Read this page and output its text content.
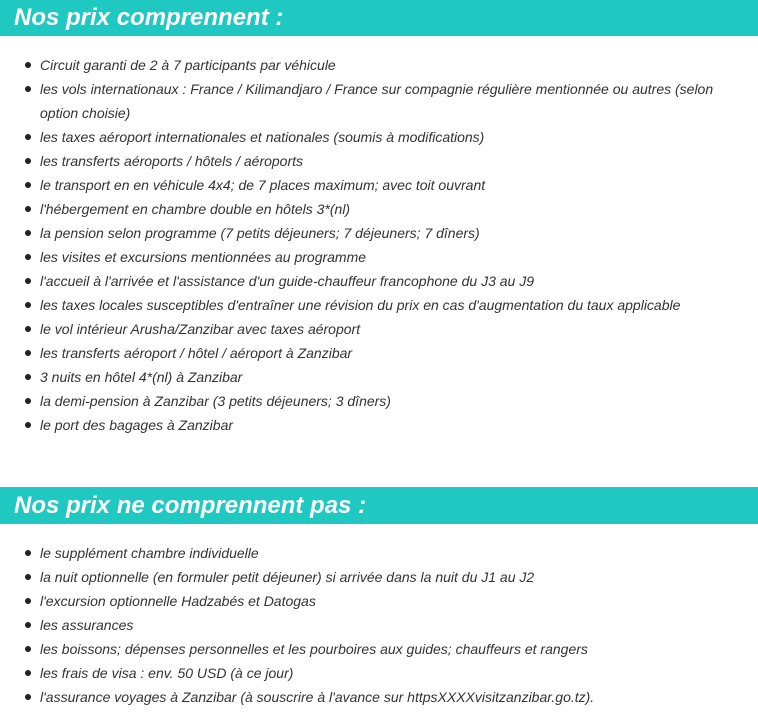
Nos prix comprennent :
Circuit garanti de 2 à 7 participants par véhicule
les vols internationaux : France / Kilimandjaro / France sur compagnie régulière mentionnée ou autres (selon option choisie)
les taxes aéroport internationales et nationales (soumis à modifications)
les transferts aéroports / hôtels / aéroports
le transport en en véhicule 4x4; de 7 places maximum; avec toit ouvrant
l'hébergement en chambre double en hôtels 3*(nl)
la pension selon programme (7 petits déjeuners; 7 déjeuners; 7 dîners)
les visites et excursions mentionnées au programme
l'accueil à l'arrivée et l'assistance d'un guide-chauffeur francophone du J3 au J9
les taxes locales susceptibles d'entraîner une révision du prix en cas d'augmentation du taux applicable
le vol intérieur Arusha/Zanzibar avec taxes aéroport
les transferts aéroport / hôtel / aéroport à Zanzibar
3 nuits en hôtel 4*(nl) à Zanzibar
la demi-pension à Zanzibar (3 petits déjeuners; 3 dîners)
le port des bagages à Zanzibar
Nos prix ne comprennent pas :
le supplément chambre individuelle
la nuit optionnelle (en formuler petit déjeuner) si arrivée dans la nuit du J1 au J2
l'excursion optionnelle Hadzabés et Datogas
les assurances
les boissons; dépenses personnelles et les pourboires aux guides; chauffeurs et rangers
les frais de visa : env. 50 USD (à ce jour)
l'assurance voyages à Zanzibar (à souscrire à l'avance sur httpsXXXXvisitzanzibar.go.tz).
